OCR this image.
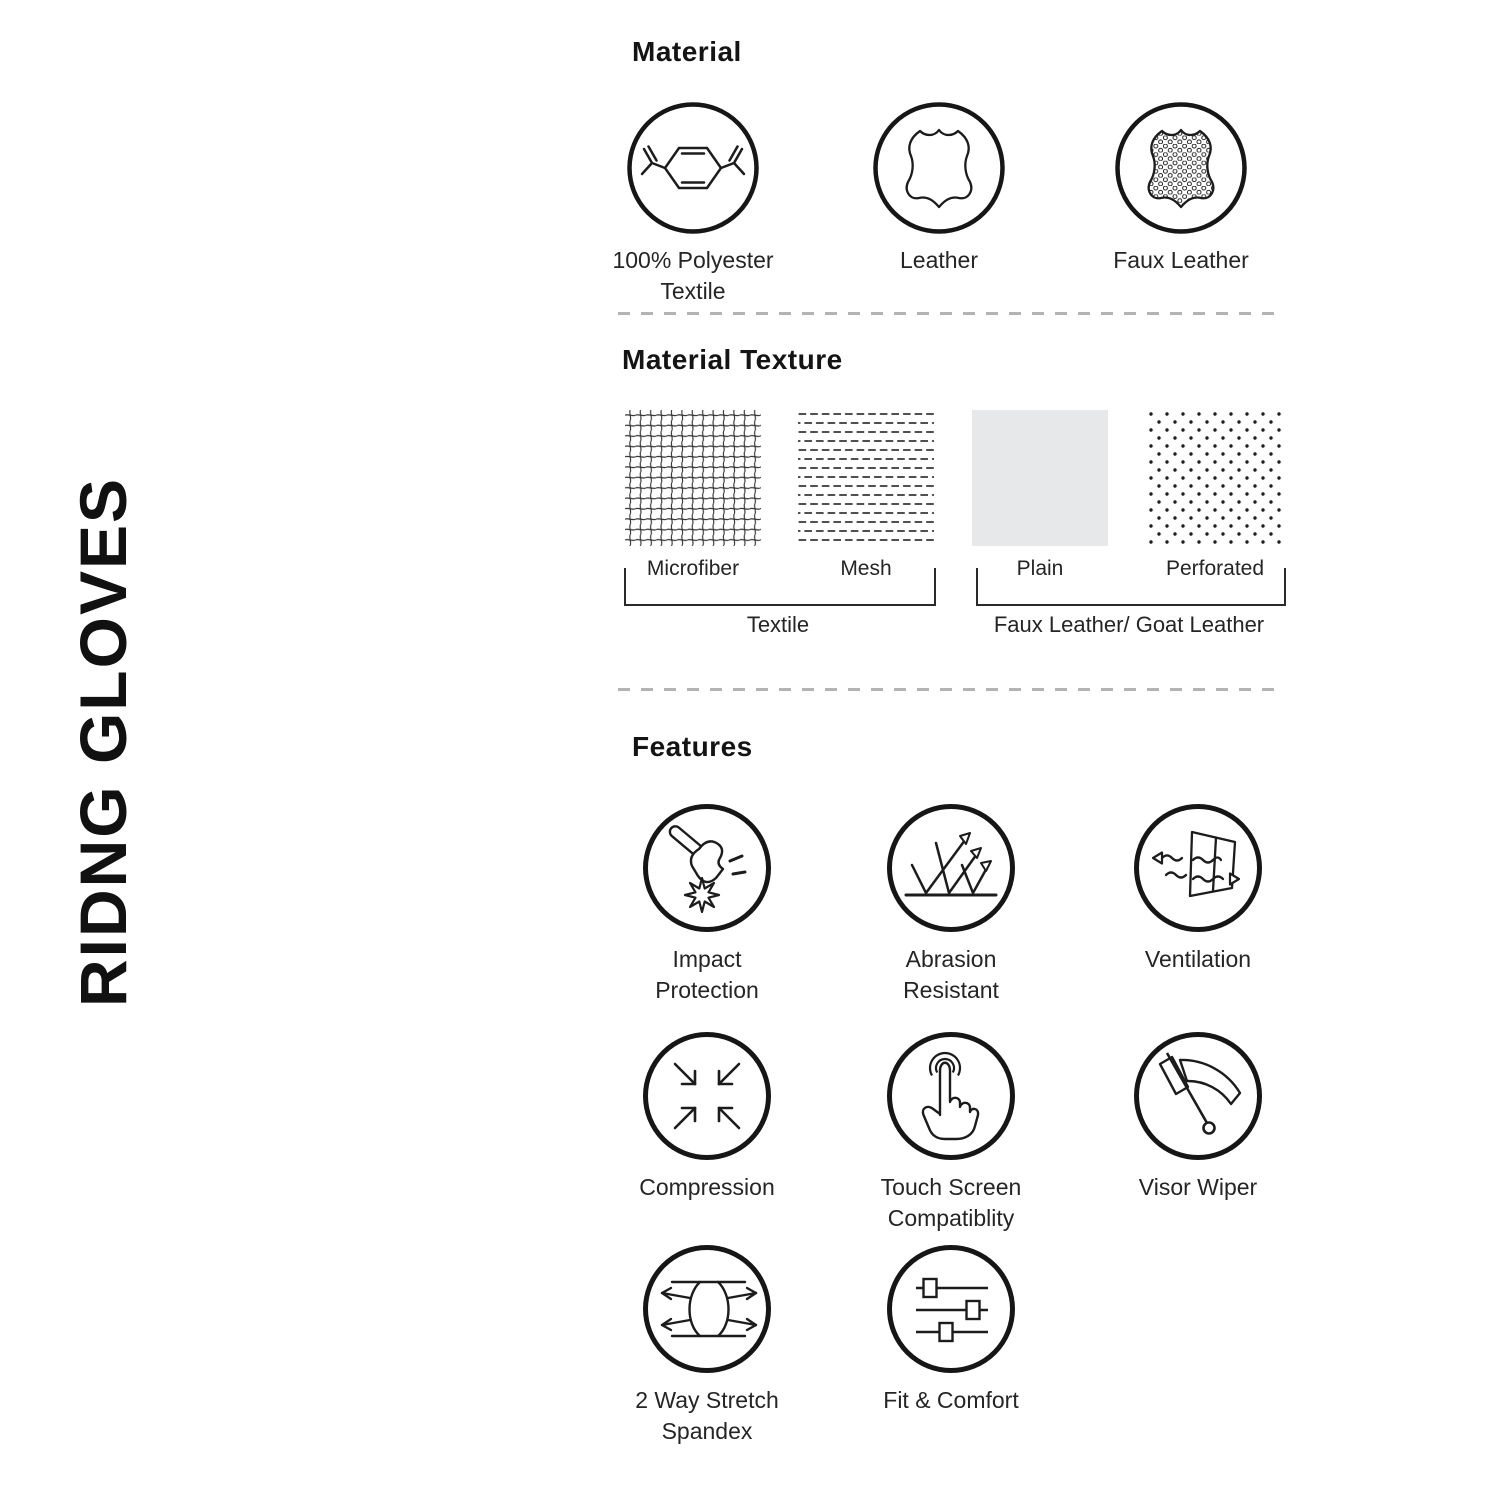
RIDNG GLOVES
Material
100% Polyester
Textile
Leather	Faux Leather
Material Texture
Microfiber	Mesh	Plain	Perforated
Textile	Faux Leather/ Goat Leather
Features
Impact
Protection
Abrasion
Resistant
Ventilation
Compression	Touch Screen
Compatiblity
Visor Wiper
2 Way Stretch
Spandex
Fit & Comfort
